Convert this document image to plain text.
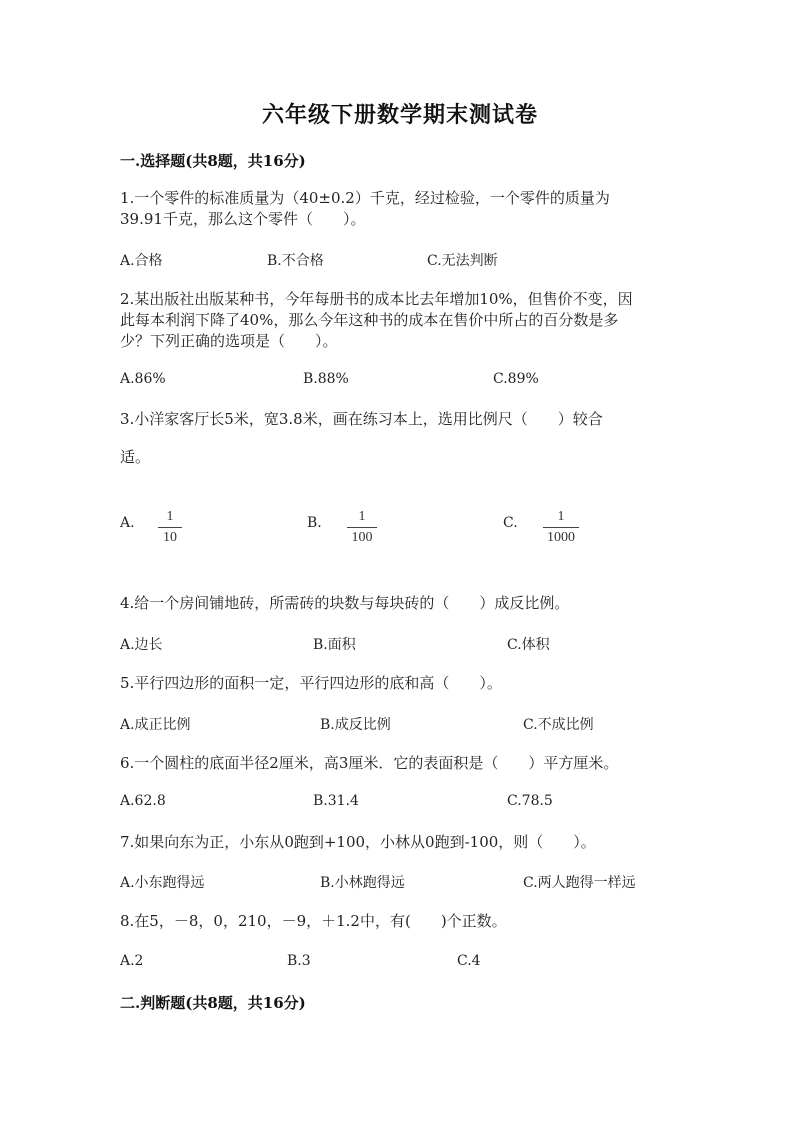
六年级下册数学期末测试卷
一.选择题(共8题，共16分)
1.一个零件的标准质量为（40±0.2）千克，经过检验，一个零件的质量为
39.91千克，那么这个零件（　　）。
A.合格	B.不合格	C.无法判断
2.某出版社出版某种书，今年每册书的成本比去年增加10%，但售价不变，因
此每本利润下降了40%，那么今年这种书的成本在售价中所占的百分数是多
少？下列正确的选项是（　　）。
A.86%	B.88%	C.89%
3.小洋家客厅长5米，宽3.8米，画在练习本上，选用比例尺（　　）较合
适。
A.	1
10
B.	1
100
C.	1
1000
4.给一个房间铺地砖，所需砖的块数与每块砖的（　　）成反比例。
A.边长	B.面积	C.体积
5.平行四边形的面积一定，平行四边形的底和高（　　）。
A.成正比例	B.成反比例	C.不成比例
6.一个圆柱的底面半径2厘米，高3厘米．它的表面积是（　　）平方厘米。
A.62.8	B.31.4	C.78.5
7.如果向东为正，小东从0跑到+100，小林从0跑到-100，则（　　）。
A.小东跑得远	B.小林跑得远	C.两人跑得一样远
8.在5，－8，0，210，－9，＋1.2中，有(　　)个正数。
A.2	B.3	C.4
二.判断题(共8题，共16分)
